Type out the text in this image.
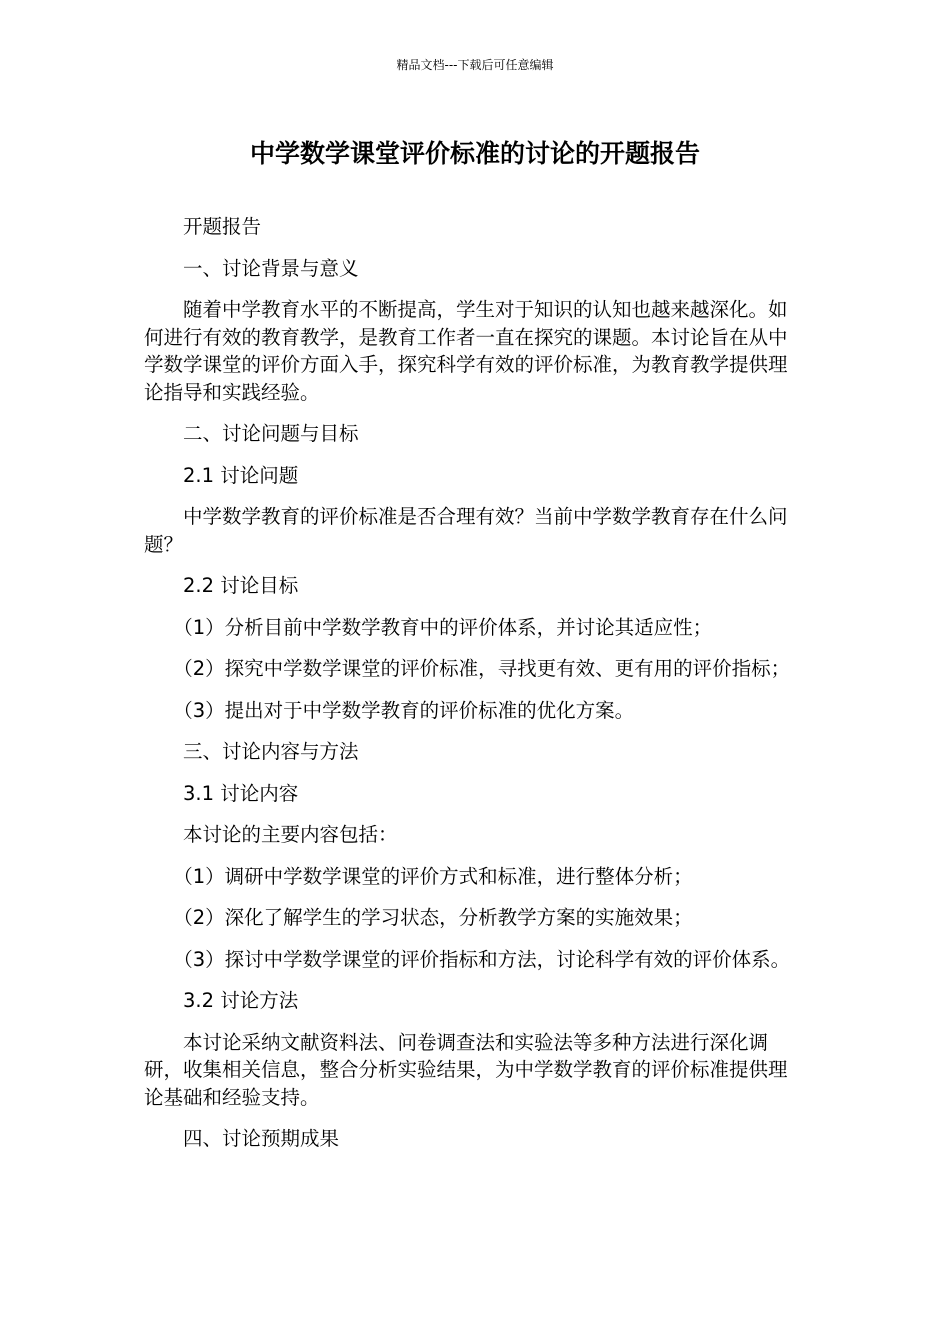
精品文档---下载后可任意编辑
中学数学课堂评价标准的讨论的开题报告

开题报告

一、讨论背景与意义

随着中学教育水平的不断提高，学生对于知识的认知也越来越深化。如何进行有效的教育教学，是教育工作者一直在探究的课题。本讨论旨在从中学数学课堂的评价方面入手，探究科学有效的评价标准，为教育教学提供理论指导和实践经验。

二、讨论问题与目标

2.1 讨论问题

中学数学教育的评价标准是否合理有效？当前中学数学教育存在什么问题？

2.2 讨论目标

（1）分析目前中学数学教育中的评价体系，并讨论其适应性；

（2）探究中学数学课堂的评价标准，寻找更有效、更有用的评价指标；

（3）提出对于中学数学教育的评价标准的优化方案。

三、讨论内容与方法

3.1 讨论内容

本讨论的主要内容包括：

（1）调研中学数学课堂的评价方式和标准，进行整体分析；

（2）深化了解学生的学习状态，分析教学方案的实施效果；

（3）探讨中学数学课堂的评价指标和方法，讨论科学有效的评价体系。

3.2 讨论方法

本讨论采纳文献资料法、问卷调查法和实验法等多种方法进行深化调研，收集相关信息，整合分析实验结果，为中学数学教育的评价标准提供理论基础和经验支持。

四、讨论预期成果
